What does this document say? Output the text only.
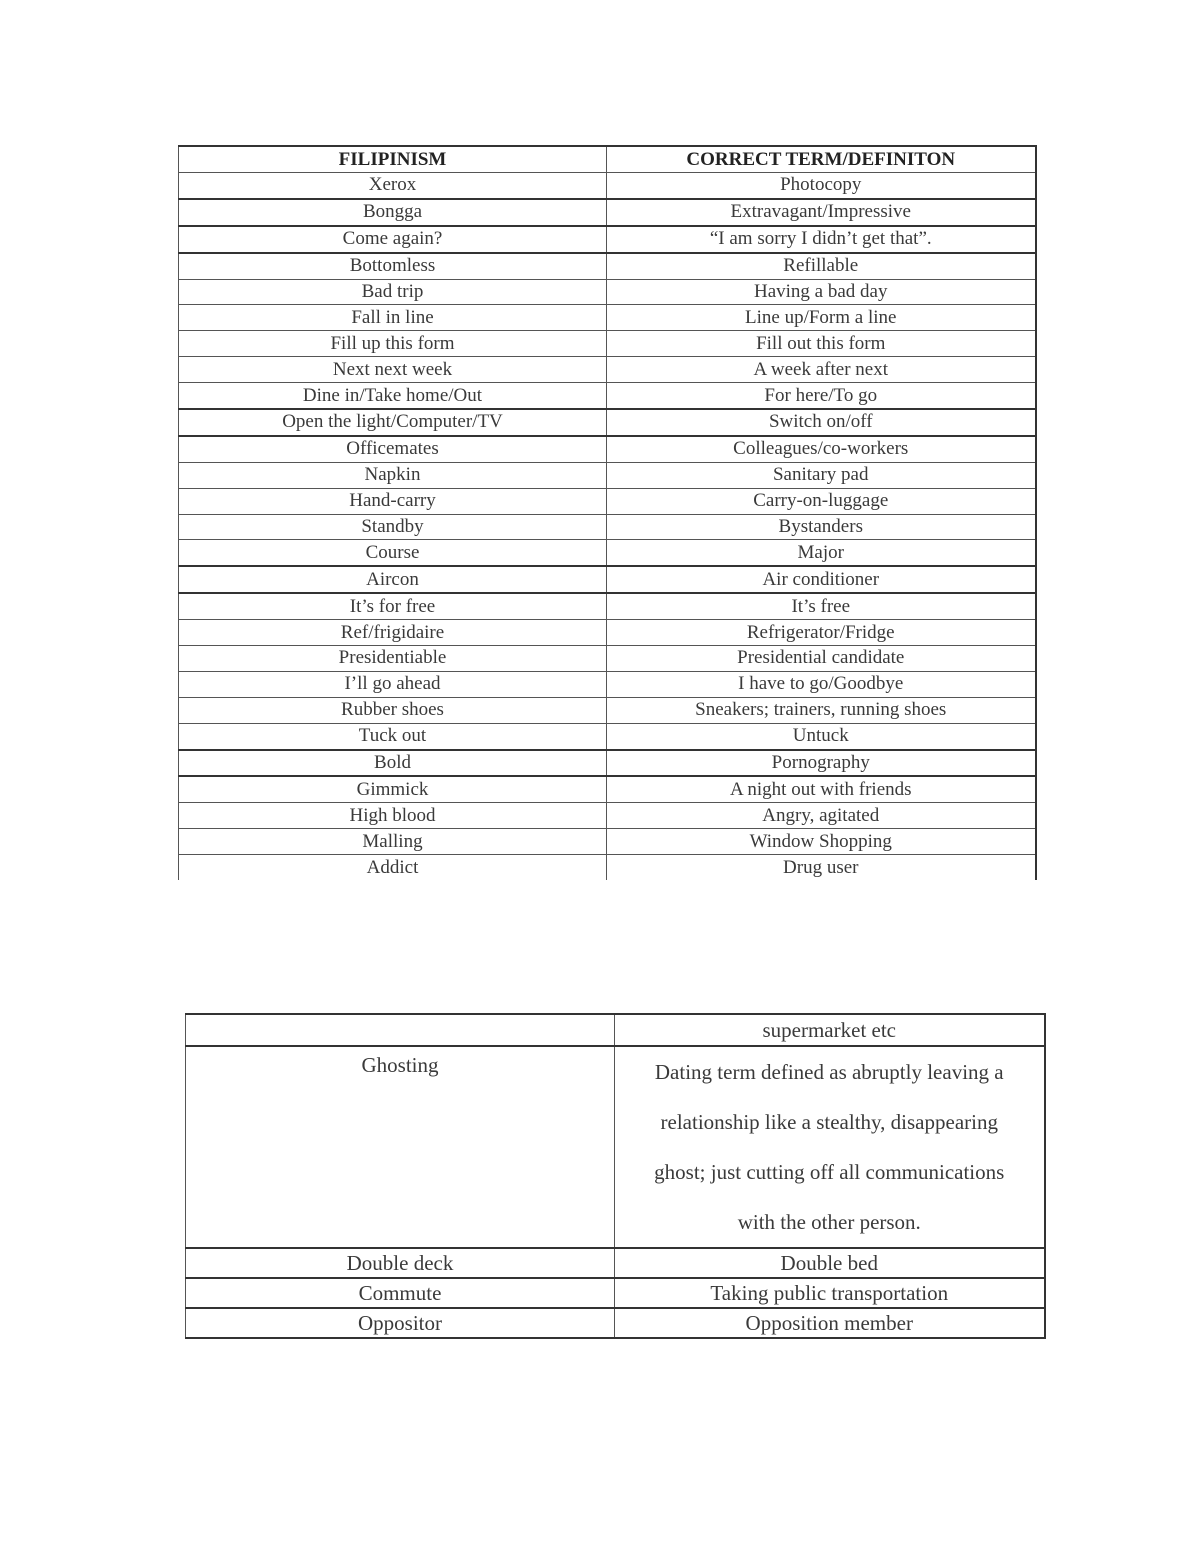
FILIPINISM	CORRECT TERM/DEFINITON
Xerox	Photocopy
Bongga	Extravagant/Impressive
Come again?	“I am sorry I didn’t get that”.
Bottomless	Refillable
Bad trip	Having a bad day
Fall in line	Line up/Form a line
Fill up this form	Fill out this form
Next next week	A week after next
Dine in/Take home/Out	For here/To go
Open the light/Computer/TV	Switch on/off
Officemates	Colleagues/co-workers
Napkin	Sanitary pad
Hand-carry	Carry-on-luggage
Standby	Bystanders
Course	Major
Aircon	Air conditioner
It’s for free	It’s free
Ref/frigidaire	Refrigerator/Fridge
Presidentiable	Presidential candidate
I’ll go ahead	I have to go/Goodbye
Rubber shoes	Sneakers; trainers, running shoes
Tuck out	Untuck
Bold	Pornography
Gimmick	A night out with friends
High blood	Angry, agitated
Malling	Window Shopping
Addict	Drug user
	supermarket etc
Ghosting	Dating term defined as abruptly leaving a
relationship like a stealthy, disappearing
ghost; just cutting off all communications
with the other person.

Double deck	Double bed
Commute	Taking public transportation
Oppositor	Opposition member
